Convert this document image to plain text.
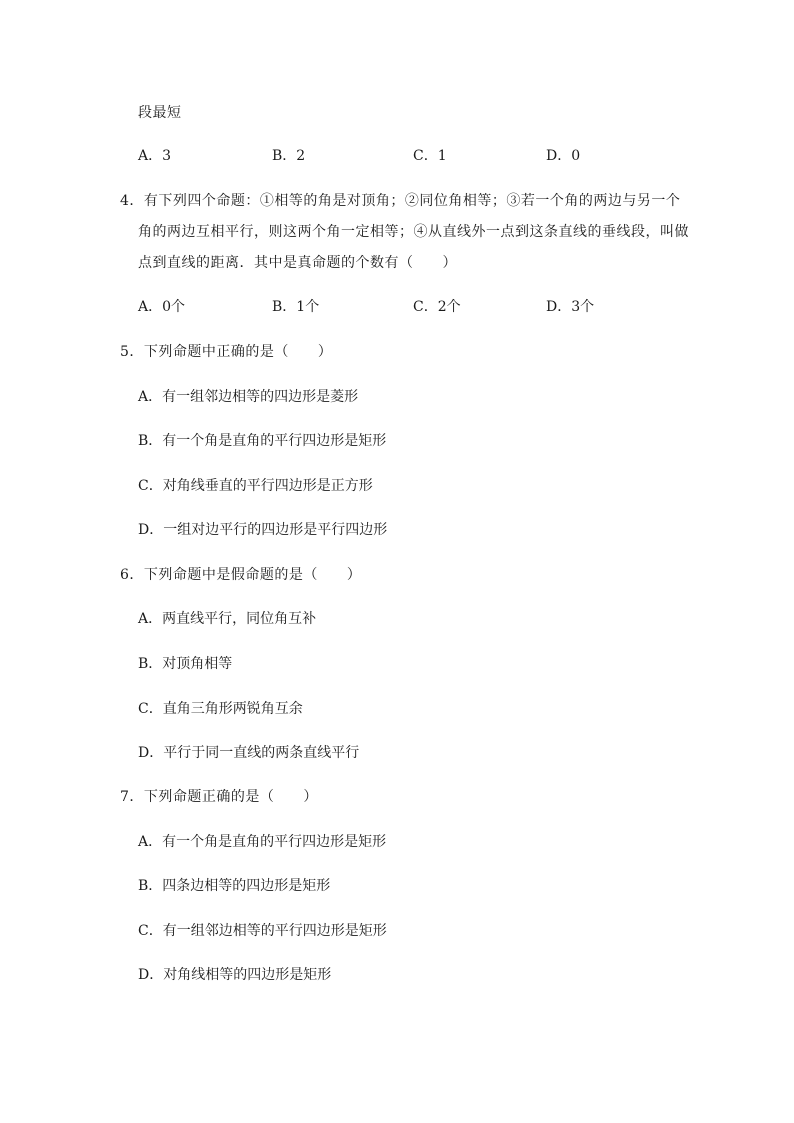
段最短
A．3	B．2	C．1	D．0
4．有下列四个命题：①相等的角是对顶角；②同位角相等；③若一个角的两边与另一个
角的两边互相平行，则这两个角一定相等；④从直线外一点到这条直线的垂线段，叫做
点到直线的距离．其中是真命题的个数有（　　）
A．0个	B．1个	C．2个	D．3个
5．下列命题中正确的是（　　）
A．有一组邻边相等的四边形是菱形
B．有一个角是直角的平行四边形是矩形
C．对角线垂直的平行四边形是正方形
D．一组对边平行的四边形是平行四边形
6．下列命题中是假命题的是（　　）
A．两直线平行，同位角互补
B．对顶角相等
C．直角三角形两锐角互余
D．平行于同一直线的两条直线平行
7．下列命题正确的是（　　）
A．有一个角是直角的平行四边形是矩形
B．四条边相等的四边形是矩形
C．有一组邻边相等的平行四边形是矩形
D．对角线相等的四边形是矩形
